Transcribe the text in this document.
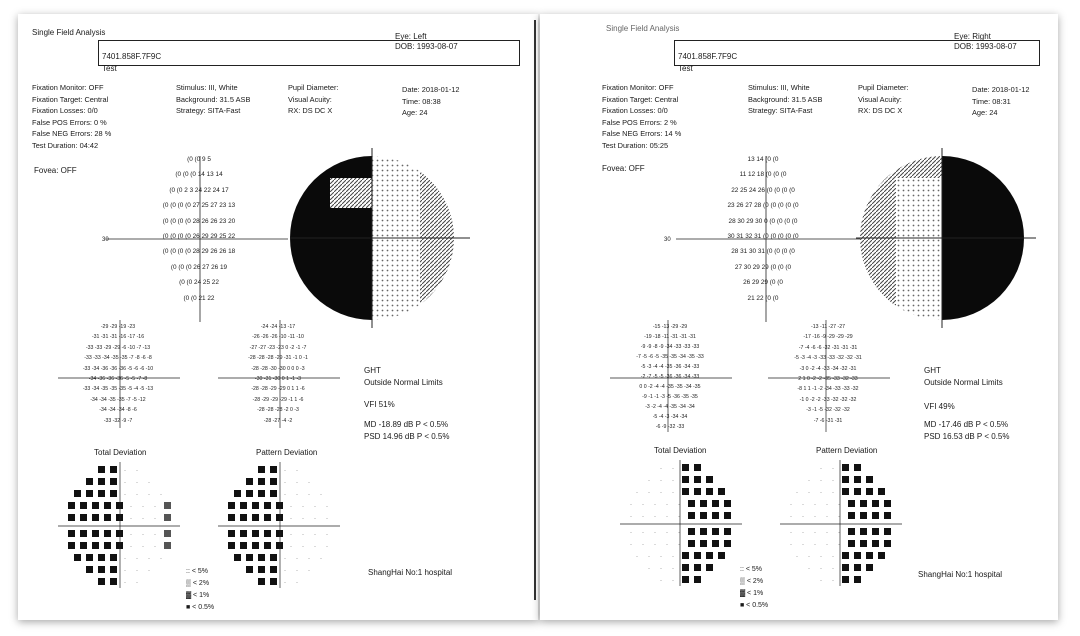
Single Field Analysis	Eye: Left
DOB: 1993-08-07
7401.858F.7F9C
Test
Fixation Monitor: OFF
Fixation Target: Central
Fixation Losses: 0/0
False POS Errors: 0 %
False NEG Errors: 28 %
Test Duration: 04:42
Fovea: OFF
Stimulus: III, White
Background: 31.5 ASB
Strategy: SITA-Fast
Pupil Diameter:
Visual Acuity:
RX: DS DC X
Date: 2018-01-12
Time: 08:38
Age: 24
(0 (0 9 5
(0 (0 (0 14 13 14
(0 (0 2 3 24 22 24 17
(0 (0 (0 (0 27 25 27 23 13
(0 (0 (0 (0 28 26 26 23 20
(0 (0 (0 (0 26 29 29 25 22
(0 (0 (0 (0 28 29 26 26 18
(0 (0 (0 26 27 26 19
(0 (0 24 25 22
(0 (0 21 22
30
-29 -29 -19 -23
-31 -31 -31 -16 -17 -16
-33 -33 -29 -29 -6 -10 -7 -13
-33 -33 -34 -35 -35 -7 -8 -6 -8
-33 -34 -36 -36 -36 -5 -6 -6 -10
-34 -36 -36 -36 -5 -5 -7 -8
-33 -34 -35 -35 -35 -5 -4 -5 -13
-34 -34 -35 -35 -7 -5 -12
-34 -34 -34 -8 -6
-33 -32 -9 -7
-24 -24 -13 -17
-26 -26 -26 -10 -11 -10
-27 -27 -23 -23 0 -2 -1 -7
-28 -28 -28 -29 -31 -1 0 -1
-28 -28 -30 -30 0 0 0 -3
-30 -31 -30 0 1 -1 -3
-28 -28 -29 -29 0 1 1 -6
-28 -29 -29 -29 -1 1 -6
-28 -28 -28 -2 0 -3
-28 -27 -4 -2
GHT
Outside Normal Limits
VFI 51%
MD -18.89 dB P < 0.5%
PSD 14.96 dB P < 0.5%
Total Deviation	Pattern Deviation
· ·
· · ·
· · · ·
· · ·
· · ·
· · ·
· · ·
· · · ·
· · ·
· ·
· ·
· · ·
· · · ·
· · · ·
· · · ·
· · · ·
· · · ·
· · · ·
· · ·
· ·
:: < 5%
▒ < 2%
▓ < 1%
■ < 0.5%
ShangHai No:1 hospital
Single Field Analysis
Eye: Right
DOB: 1993-08-07
7401.858F.7F9C
Test
Fixation Monitor: OFF
Fixation Target: Central
Fixation Losses: 0/0
False POS Errors: 2 %
False NEG Errors: 14 %
Test Duration: 05:25
Fovea: OFF
Stimulus: III, White
Background: 31.5 ASB
Strategy: SITA-Fast
Pupil Diameter:
Visual Acuity:
RX: DS DC X
Date: 2018-01-12
Time: 08:31
Age: 24
13 14 (0 (0
11 12 18 (0 (0 (0
22 25 24 26 (0 (0 (0 (0
23 26 27 28 (0 (0 (0 (0 (0
28 30 29 30 0 (0 (0 (0 (0
30 31 32 31 (0 (0 (0 (0 (0
28 31 30 31 (0 (0 (0 (0
27 30 29 29 (0 (0 (0
26 29 29 (0 (0
21 22 (0 (0
30
-15 -13 -29 -29
-19 -18 -11 -31 -31 -31
-9 -9 -8 -9 -34 -33 -33 -33
-7 -5 -6 -5 -35 -35 -34 -35 -33
-5 -3 -4 -4 -35 -36 -34 -33
-2 -7 -5 -5 -36 -36 -34 -33
0 0 -2 -4 -4 -35 -35 -34 -35
-9 -1 -1 -3 -5 -36 -35 -35
-3 -2 -4 -4 -35 -34 -34
-5 -4 -3 -34 -34
-6 -9 -32 -33
-13 -11 -27 -27
-17 -16 -9 -29 -29 -29
-7 -4 -6 -6 -32 -31 -31 -31
-5 -3 -4 -3 -33 -33 -32 -32 -31
-3 0 -2 -4 -33 -34 -32 -31
2 1 0 -2 -2 -35 -33 -32 -33
-8 1 1 -1 -2 -34 -33 -33 -32
-1 0 -2 -2 -33 -32 -32 -32
-3 -1 -5 -32 -32 -32
-7 -6 -31 -31
GHT
Outside Normal Limits
VFI 49%
MD -17.46 dB P < 0.5%
PSD 16.53 dB P < 0.5%
Total Deviation	Pattern Deviation
· ·
· · ·
· · · ·
· · · · ·
· · · · ·
· · · · ·
· · · · ·
· · · ·
· · ·
· ·
· ·
· · ·
· · · ·
· · · · ·
· · · · ·
· · · · ·
· · · · ·
· · · ·
· · ·
· ·
:: < 5%
▒ < 2%
▓ < 1%
■ < 0.5%
ShangHai No:1 hospital
